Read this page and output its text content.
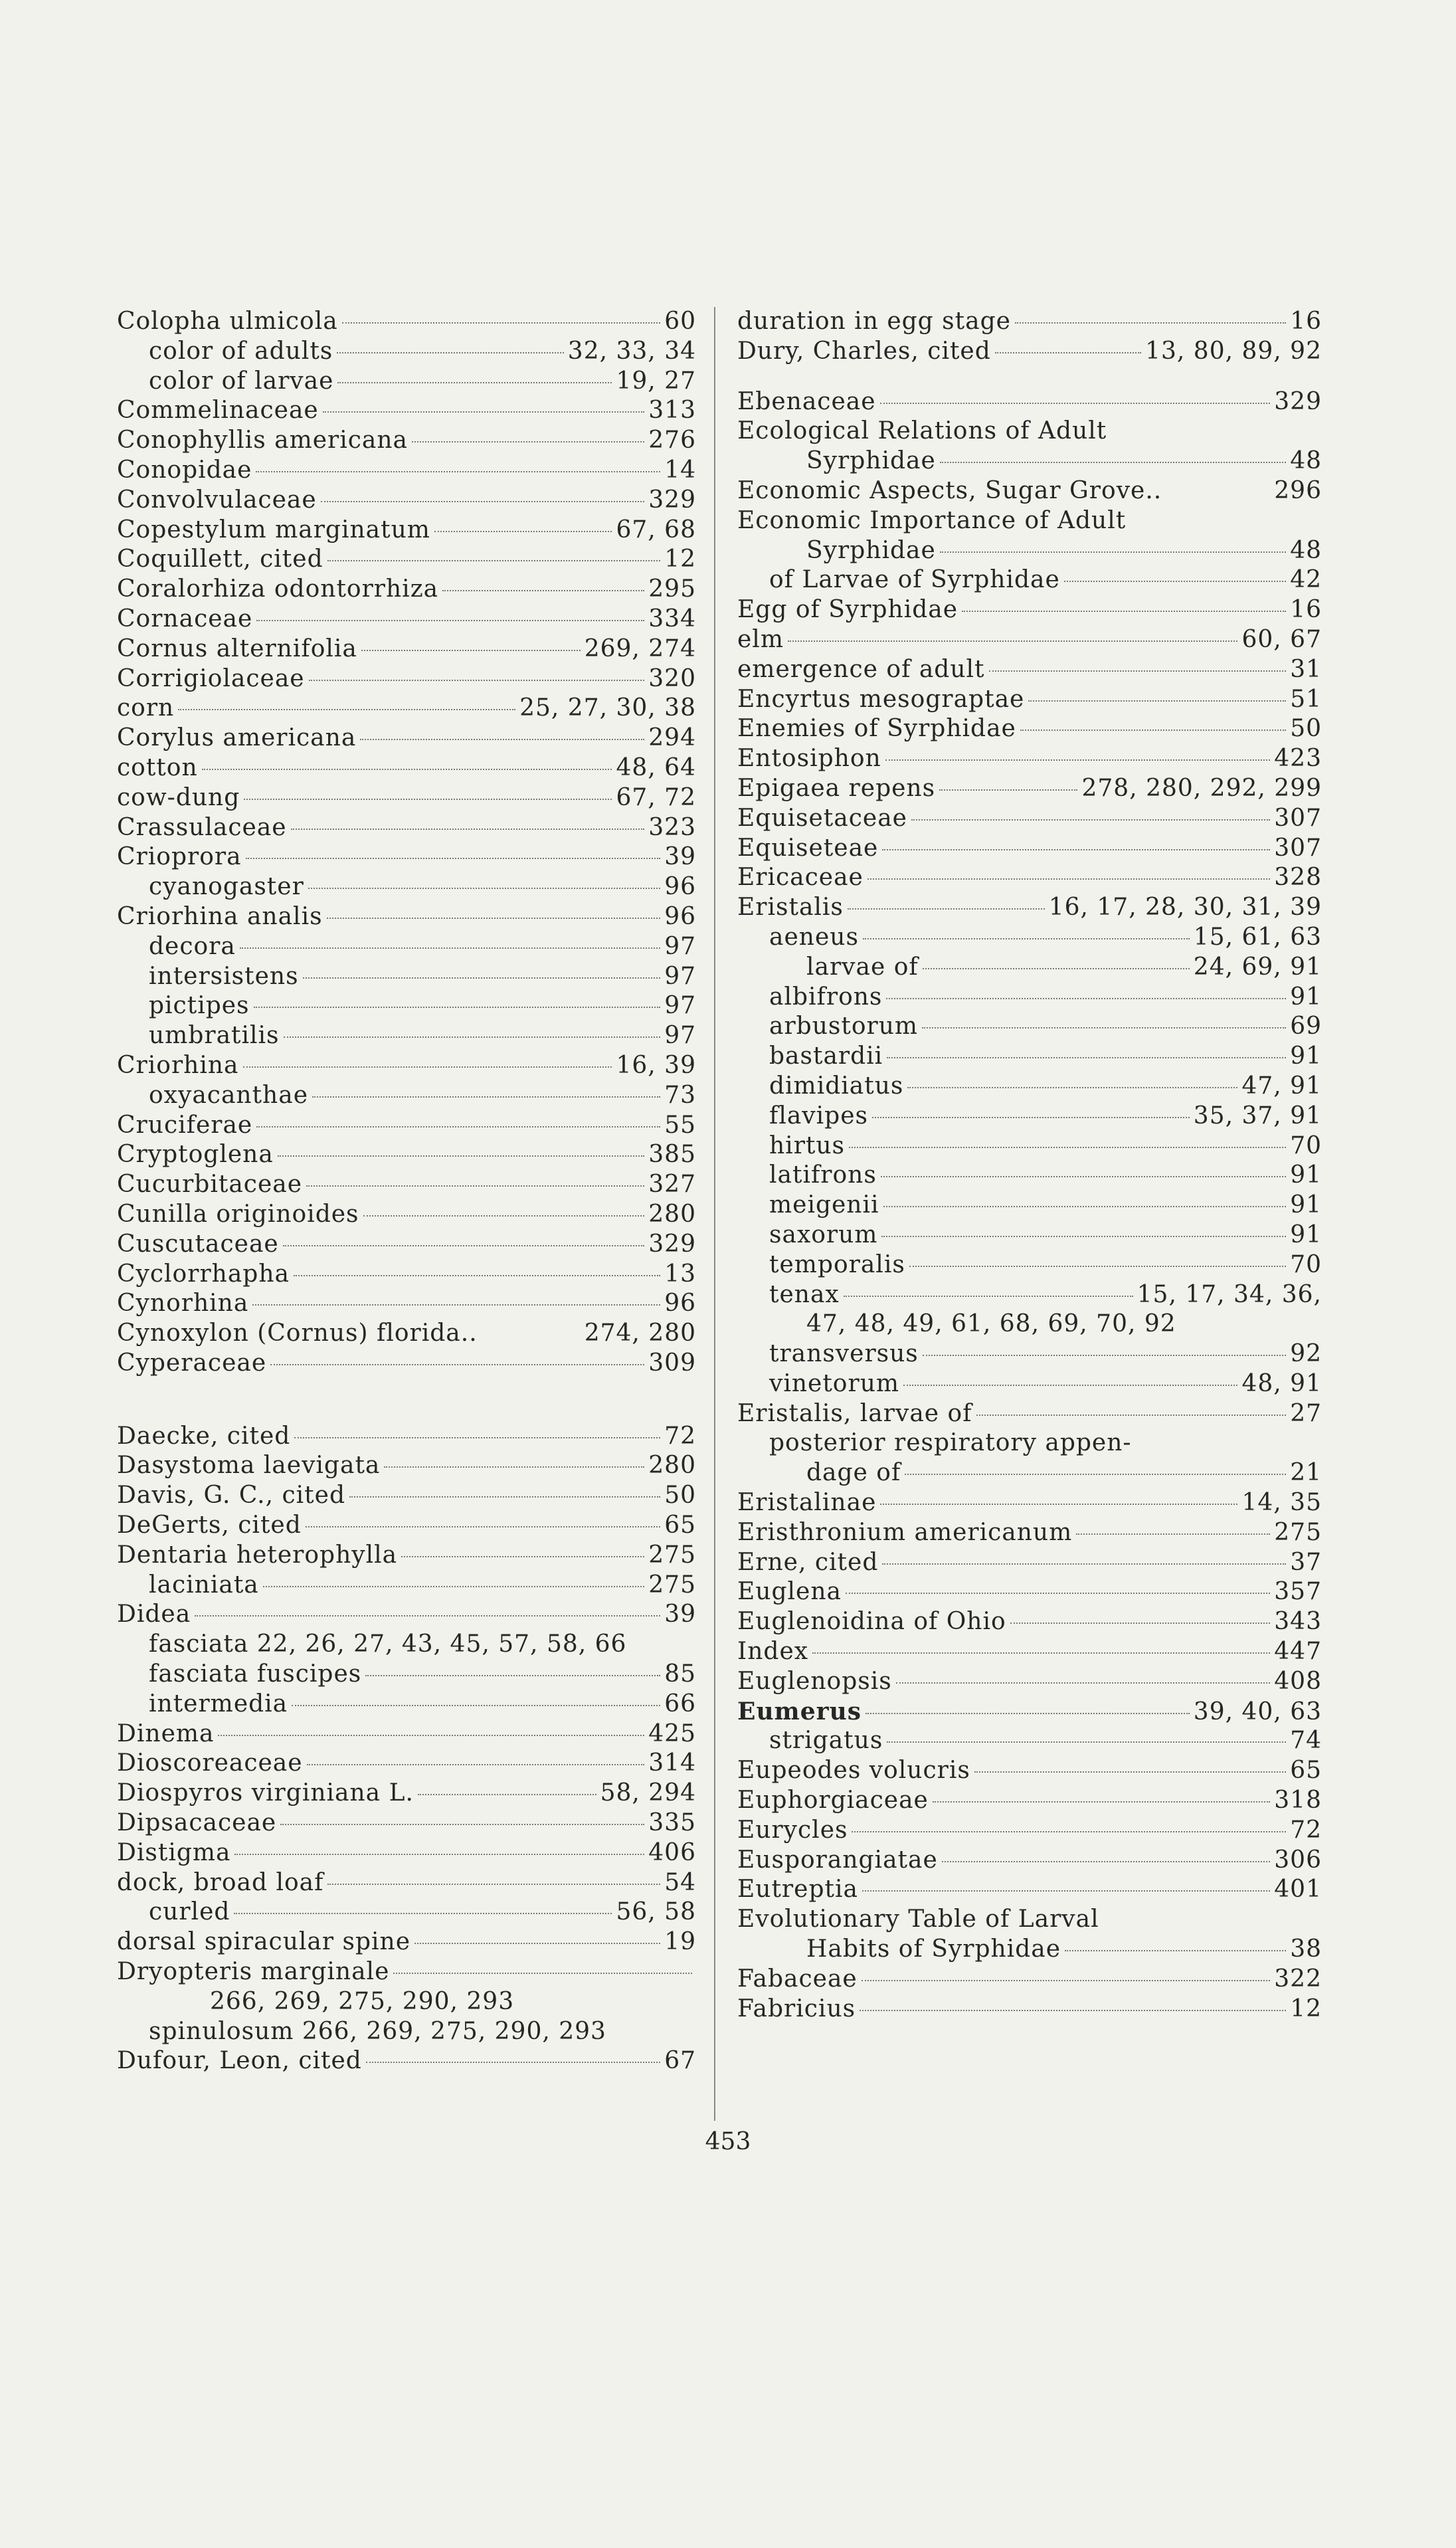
Colopha ulmicola	60
color of adults	32, 33, 34
color of larvae	19, 27
Commelinaceae	313
Conophyllis americana	276
Conopidae	14
Convolvulaceae	329
Copestylum marginatum	67, 68
Coquillett, cited	12
Coralorhiza odontorrhiza	295
Cornaceae	334
Cornus alternifolia	269, 274
Corrigiolaceae	320
corn	25, 27, 30, 38
Corylus americana	294
cotton	48, 64
cow-dung	67, 72
Crassulaceae	323
Crioprora	39
cyanogaster	96
Criorhina analis	96
decora	97
intersistens	97
pictipes	97
umbratilis	97
Criorhina	16, 39
oxyacanthae	73
Cruciferae	55
Cryptoglena	385
Cucurbitaceae	327
Cunilla originoides	280
Cuscutaceae	329
Cyclorrhapha	13
Cynorhina	96
Cynoxylon (Cornus) florida..	274, 280
Cyperaceae	309
Daecke, cited	72
Dasystoma laevigata	280
Davis, G. C., cited	50
DeGerts, cited	65
Dentaria heterophylla	275
laciniata	275
Didea	39
fasciata 22, 26, 27, 43, 45, 57, 58, 66
fasciata fuscipes	85
intermedia	66
Dinema	425
Dioscoreaceae	314
Diospyros virginiana L.	58, 294
Dipsacaceae	335
Distigma	406
dock, broad loaf	54
curled	56, 58
dorsal spiracular spine	19
Dryopteris marginale
266, 269, 275, 290, 293
spinulosum 266, 269, 275, 290, 293
Dufour, Leon, cited	67
duration in egg stage	16
Dury, Charles, cited	13, 80, 89, 92
Ebenaceae	329
Ecological Relations of Adult
Syrphidae	48
Economic Aspects, Sugar Grove..	296
Economic Importance of Adult
Syrphidae	48
of Larvae of Syrphidae	42
Egg of Syrphidae	16
elm	60, 67
emergence of adult	31
Encyrtus mesograptae	51
Enemies of Syrphidae	50
Entosiphon	423
Epigaea repens	278, 280, 292, 299
Equisetaceae	307
Equiseteae	307
Ericaceae	328
Eristalis	16, 17, 28, 30, 31, 39
aeneus	15, 61, 63
larvae of	24, 69, 91
albifrons	91
arbustorum	69
bastardii	91
dimidiatus	47, 91
flavipes	35, 37, 91
hirtus	70
latifrons	91
meigenii	91
saxorum	91
temporalis	70
tenax	15, 17, 34, 36,
47, 48, 49, 61, 68, 69, 70, 92
transversus	92
vinetorum	48, 91
Eristalis, larvae of	27
posterior respiratory appen-
dage of	21
Eristalinae	14, 35
Eristhronium americanum	275
Erne, cited	37
Euglena	357
Euglenoidina of Ohio	343
Index	447
Euglenopsis	408
Eumerus	39, 40, 63
strigatus	74
Eupeodes volucris	65
Euphorgiaceae	318
Eurycles	72
Eusporangiatae	306
Eutreptia	401
Evolutionary Table of Larval
Habits of Syrphidae	38
Fabaceae	322
Fabricius	12
453
